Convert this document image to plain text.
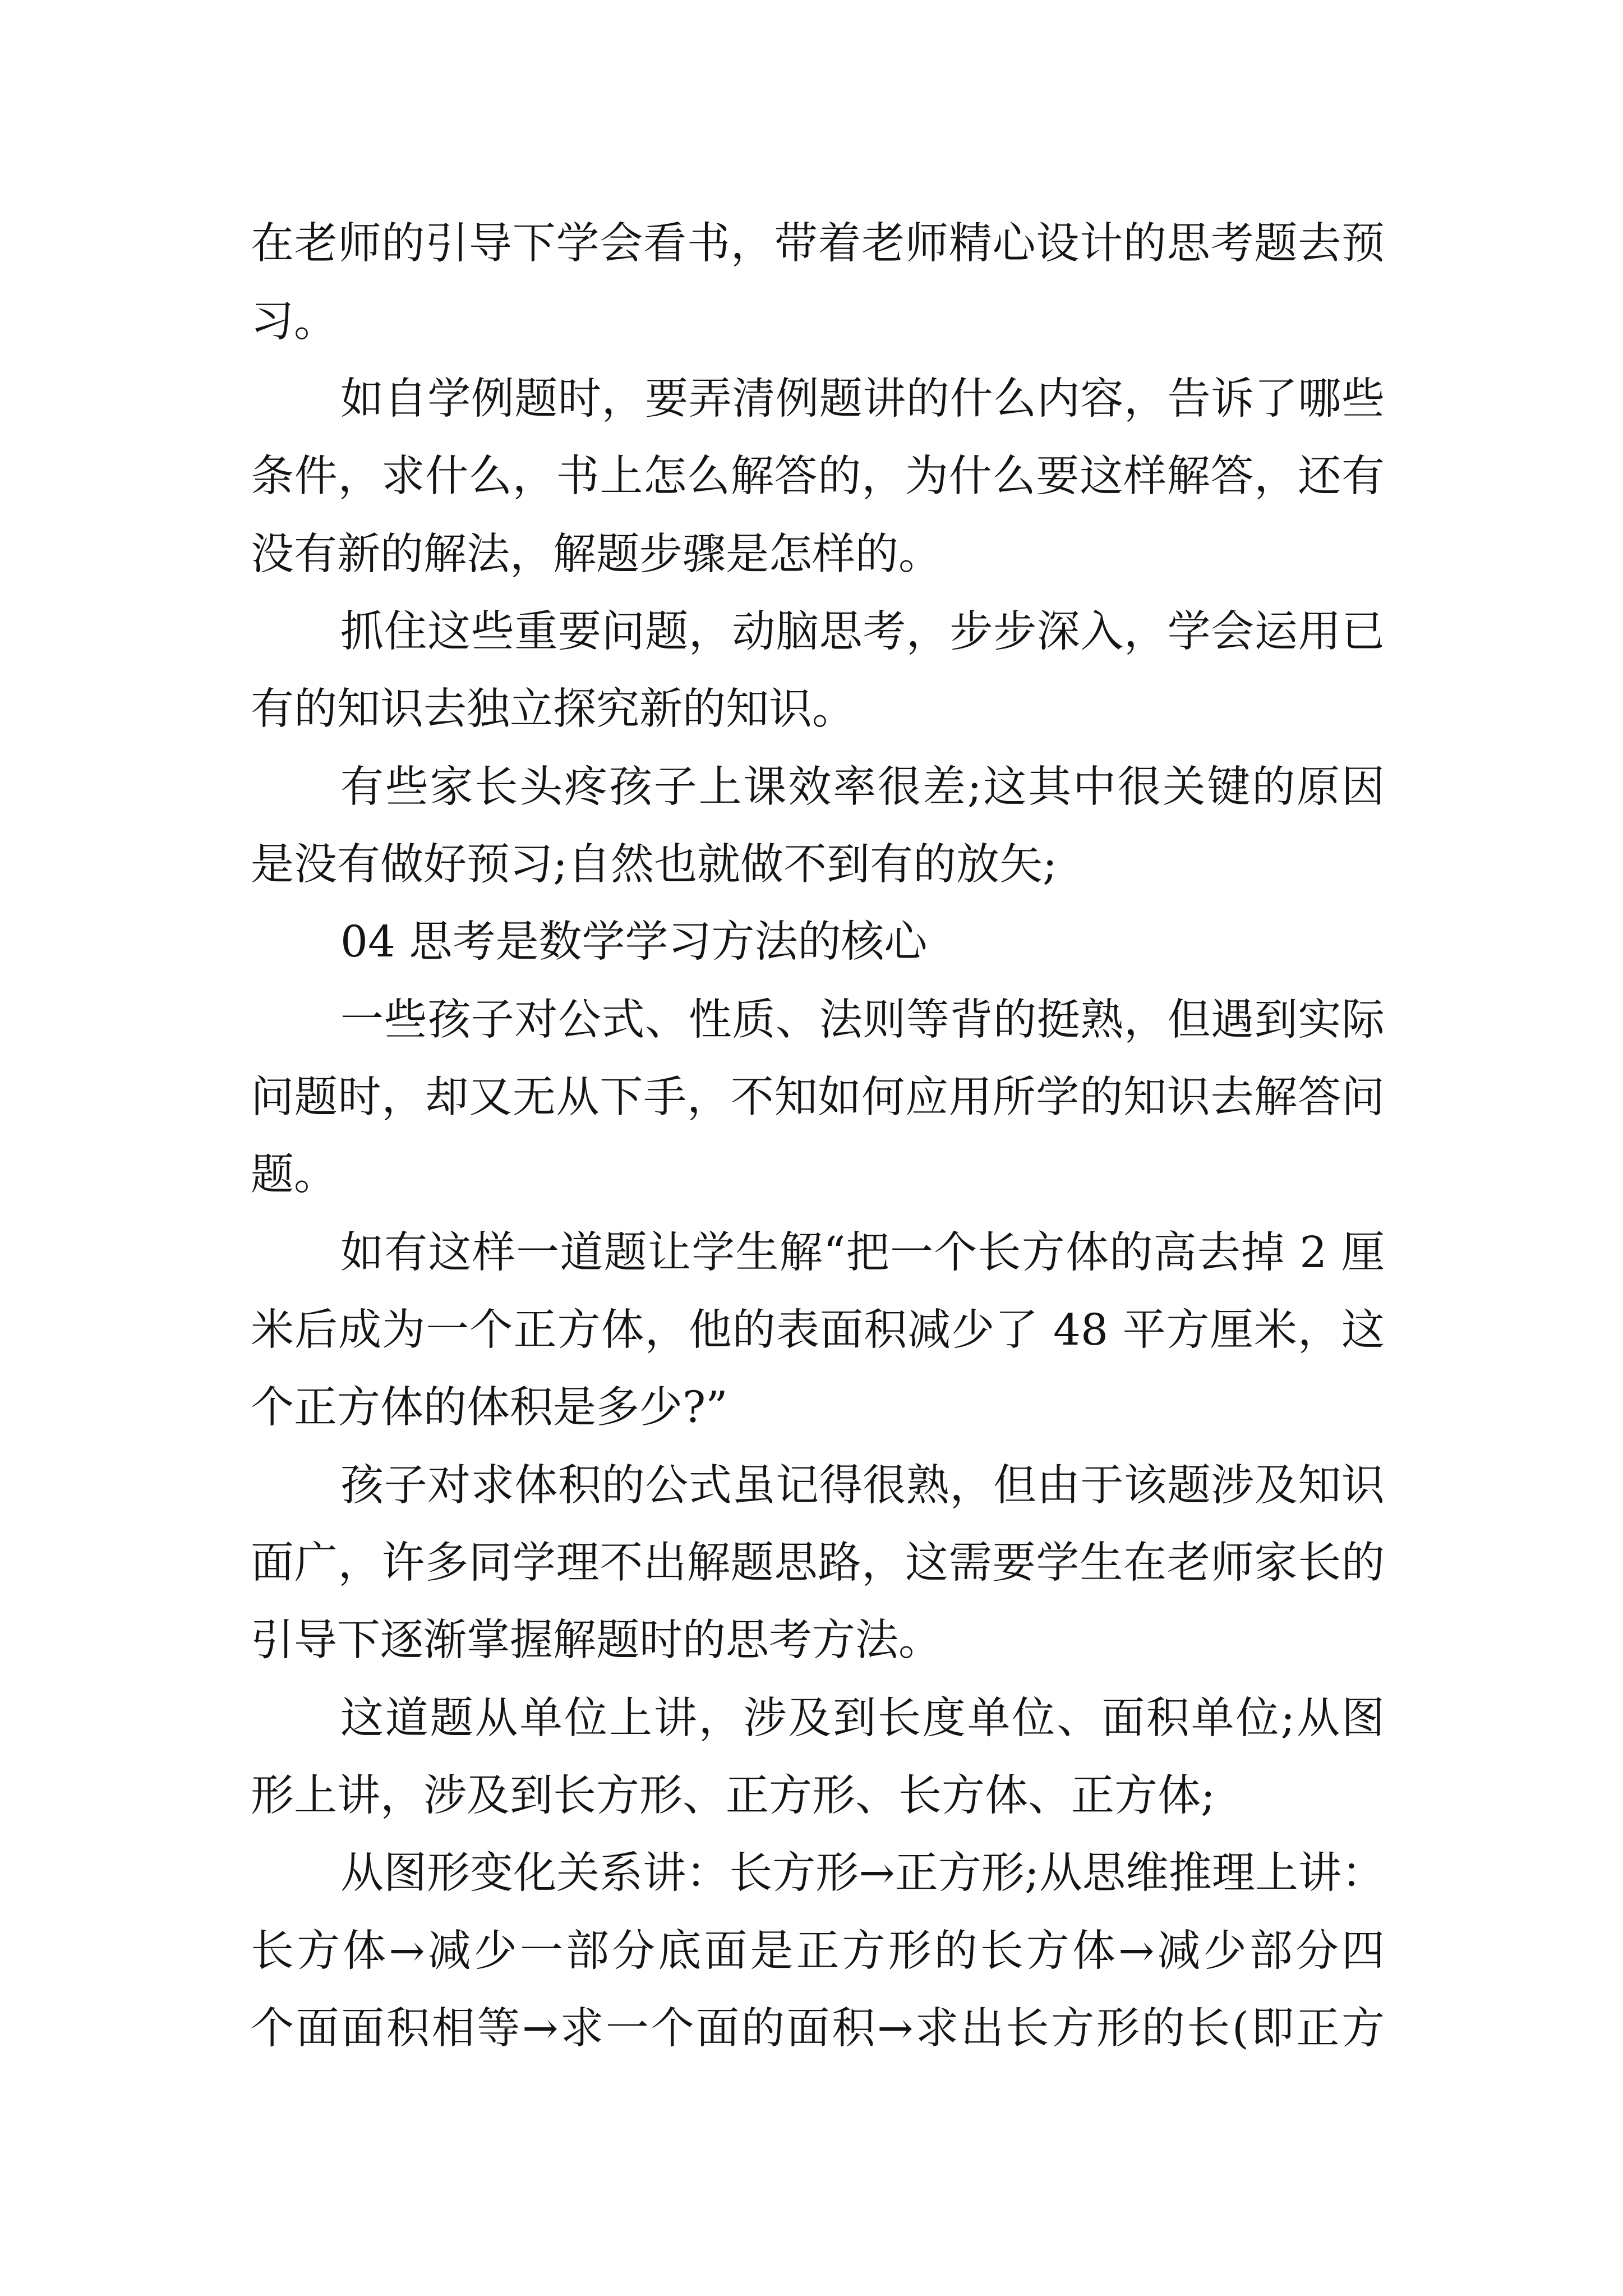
在老师的引导下学会看书，带着老师精心设计的思考题去预

习。

如自学例题时，要弄清例题讲的什么内容，告诉了哪些

条件，求什么，书上怎么解答的，为什么要这样解答，还有

没有新的解法，解题步骤是怎样的。

抓住这些重要问题，动脑思考，步步深入，学会运用已

有的知识去独立探究新的知识。

有些家长头疼孩子上课效率很差;这其中很关键的原因

是没有做好预习;自然也就做不到有的放矢;

04 思考是数学学习方法的核心

一些孩子对公式、性质、法则等背的挺熟，但遇到实际

问题时，却又无从下手，不知如何应用所学的知识去解答问

题。

如有这样一道题让学生解“把一个长方体的高去掉 2 厘

米后成为一个正方体，他的表面积减少了 48 平方厘米，这

个正方体的体积是多少?”

孩子对求体积的公式虽记得很熟，但由于该题涉及知识

面广，许多同学理不出解题思路，这需要学生在老师家长的

引导下逐渐掌握解题时的思考方法。

这道题从单位上讲，涉及到长度单位、面积单位;从图

形上讲，涉及到长方形、正方形、长方体、正方体;

从图形变化关系讲：长方形→正方形;从思维推理上讲：

长方体→减少一部分底面是正方形的长方体→减少部分四

个面面积相等→求一个面的面积→求出长方形的长(即正方
